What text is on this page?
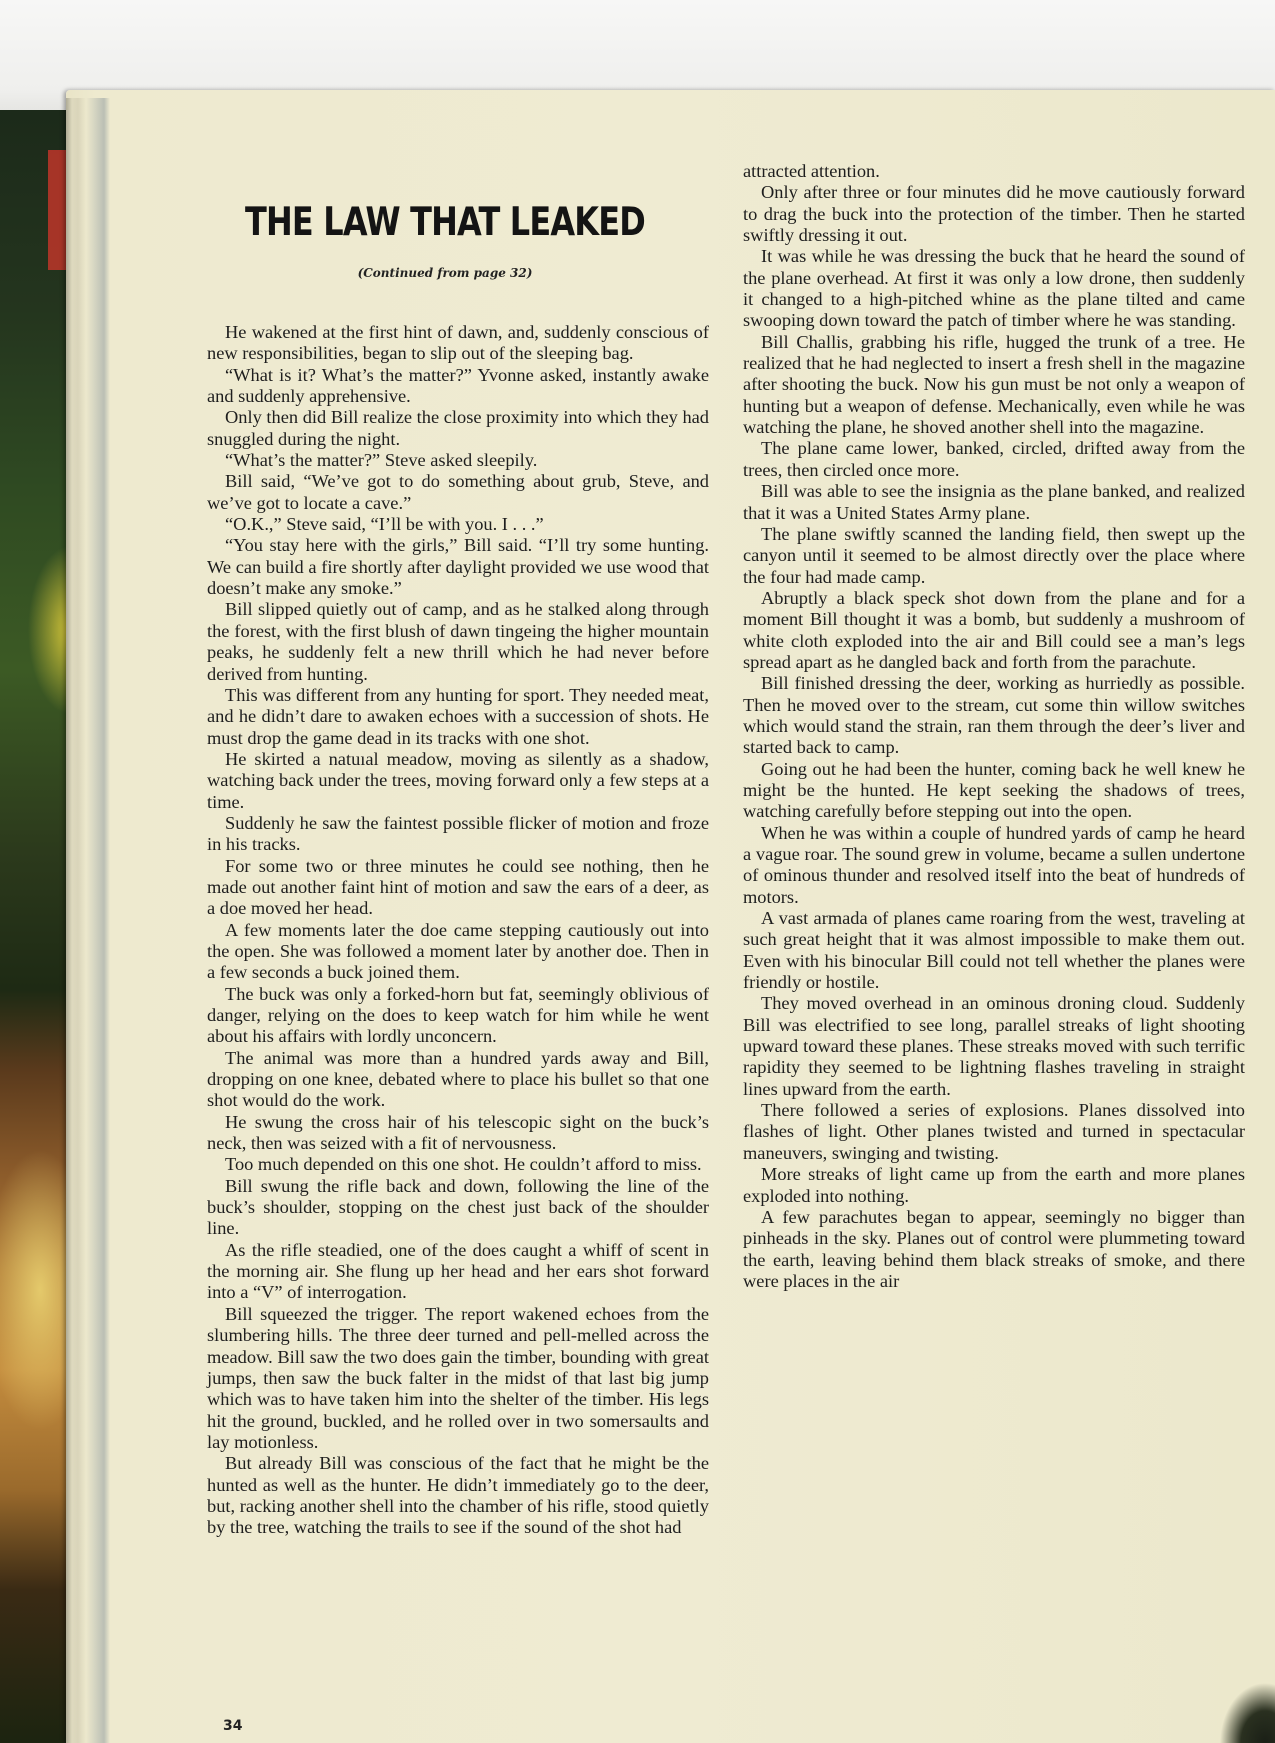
THE LAW THAT LEAKED
(Continued from page 32)

He wakened at the first hint of dawn, and, suddenly conscious of new responsibilities, began to slip out of the sleeping bag.

“What is it? What’s the matter?” Yvonne asked, instantly awake and suddenly apprehensive.

Only then did Bill realize the close proximity into which they had snuggled during the night.

“What’s the matter?” Steve asked sleepily.

Bill said, “We’ve got to do something about grub, Steve, and we’ve got to locate a cave.”

“O.K.,” Steve said, “I’ll be with you. I . . .”

“You stay here with the girls,” Bill said. “I’ll try some hunting. We can build a fire shortly after daylight provided we use wood that doesn’t make any smoke.”

Bill slipped quietly out of camp, and as he stalked along through the forest, with the first blush of dawn tingeing the higher mountain peaks, he suddenly felt a new thrill which he had never before derived from hunting.

This was different from any hunting for sport. They needed meat, and he didn’t dare to awaken echoes with a succession of shots. He must drop the game dead in its tracks with one shot.

He skirted a natuıal meadow, moving as silently as a shadow, watching back under the trees, moving forward only a few steps at a time.

Suddenly he saw the faintest possible flicker of motion and froze in his tracks.

For some two or three minutes he could see nothing, then he made out another faint hint of motion and saw the ears of a deer, as a doe moved her head.

A few moments later the doe came stepping cautiously out into the open. She was followed a moment later by another doe. Then in a few seconds a buck joined them.

The buck was only a forked-horn but fat, seemingly oblivious of danger, relying on the does to keep watch for him while he went about his affairs with lordly unconcern.

The animal was more than a hundred yards away and Bill, dropping on one knee, debated where to place his bullet so that one shot would do the work.

He swung the cross hair of his telescopic sight on the buck’s neck, then was seized with a fit of nervousness.

Too much depended on this one shot. He couldn’t afford to miss.

Bill swung the rifle back and down, following the line of the buck’s shoulder, stopping on the chest just back of the shoulder line.

As the rifle steadied, one of the does caught a whiff of scent in the morning air. She flung up her head and her ears shot forward into a “V” of interrogation.

Bill squeezed the trigger. The report wakened echoes from the slumbering hills. The three deer turned and pell-melled across the meadow. Bill saw the two does gain the timber, bounding with great jumps, then saw the buck falter in the midst of that last big jump which was to have taken him into the shelter of the timber. His legs hit the ground, buckled, and he rolled over in two somersaults and lay motionless.

But already Bill was conscious of the fact that he might be the hunted as well as the hunter. He didn’t immediately go to the deer, but, racking another shell into the chamber of his rifle, stood quietly by the tree, watching the trails to see if the sound of the shot had

attracted attention.

Only after three or four minutes did he move cautiously forward to drag the buck into the protection of the timber. Then he started swiftly dressing it out.

It was while he was dressing the buck that he heard the sound of the plane overhead. At first it was only a low drone, then suddenly it changed to a high-pitched whine as the plane tilted and came swooping down toward the patch of timber where he was standing.

Bill Challis, grabbing his rifle, hugged the trunk of a tree. He realized that he had neglected to insert a fresh shell in the magazine after shooting the buck. Now his gun must be not only a weapon of hunting but a weapon of defense. Mechanically, even while he was watching the plane, he shoved another shell into the magazine.

The plane came lower, banked, circled, drifted away from the trees, then circled once more.

Bill was able to see the insignia as the plane banked, and realized that it was a United States Army plane.

The plane swiftly scanned the landing field, then swept up the canyon until it seemed to be almost directly over the place where the four had made camp.

Abruptly a black speck shot down from the plane and for a moment Bill thought it was a bomb, but suddenly a mushroom of white cloth exploded into the air and Bill could see a man’s legs spread apart as he dangled back and forth from the parachute.

Bill finished dressing the deer, working as hurriedly as possible. Then he moved over to the stream, cut some thin willow switches which would stand the strain, ran them through the deer’s liver and started back to camp.

Going out he had been the hunter, coming back he well knew he might be the hunted. He kept seeking the shadows of trees, watching carefully before stepping out into the open.

When he was within a couple of hundred yards of camp he heard a vague roar. The sound grew in volume, became a sullen undertone of ominous thunder and resolved itself into the beat of hundreds of motors.

A vast armada of planes came roaring from the west, traveling at such great height that it was almost impossible to make them out. Even with his binocular Bill could not tell whether the planes were friendly or hostile.

They moved overhead in an ominous droning cloud. Suddenly Bill was electrified to see long, parallel streaks of light shooting upward toward these planes. These streaks moved with such terrific rapidity they seemed to be lightning flashes traveling in straight lines upward from the earth.

There followed a series of explosions. Planes dissolved into flashes of light. Other planes twisted and turned in spectacular maneuvers, swinging and twisting.

More streaks of light came up from the earth and more planes exploded into nothing.

A few parachutes began to appear, seemingly no bigger than pinheads in the sky. Planes out of control were plummeting toward the earth, leaving behind them black streaks of smoke, and there were places in the air

34
